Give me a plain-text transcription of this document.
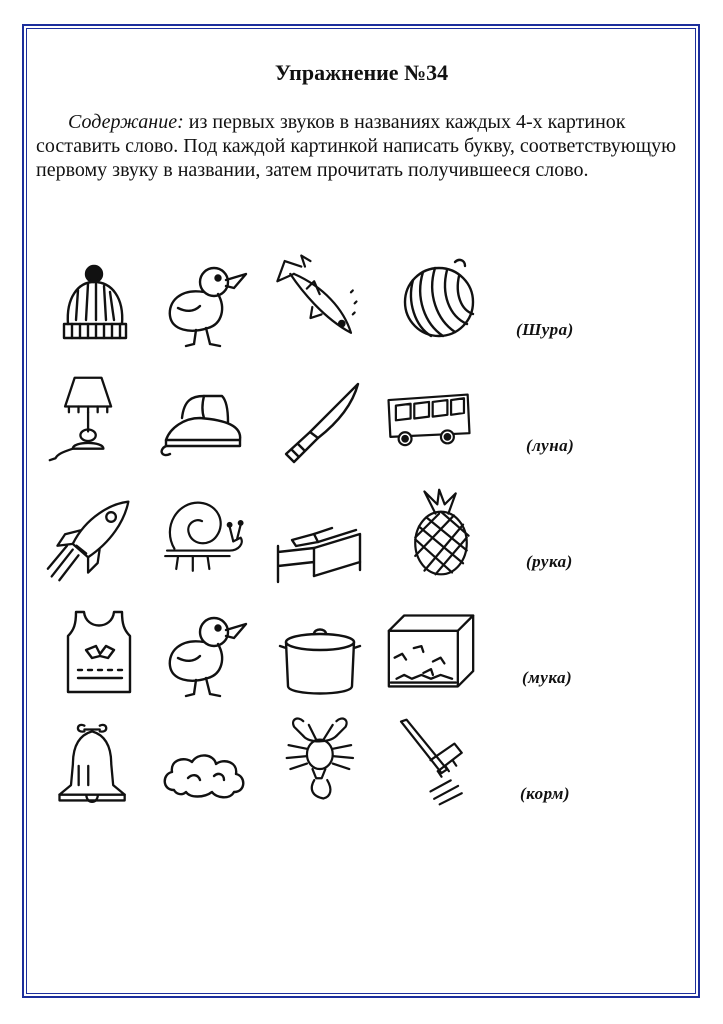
Упражнение №34
Содержание: из первых звуков в названиях каждых 4-х картинок составить слово. Под каждой картинкой написать букву, соответствующую первому звуку в названии, затем прочитать получившееся слово.
(Шура)
(луна)
(рука)
(мука)
(корм)
